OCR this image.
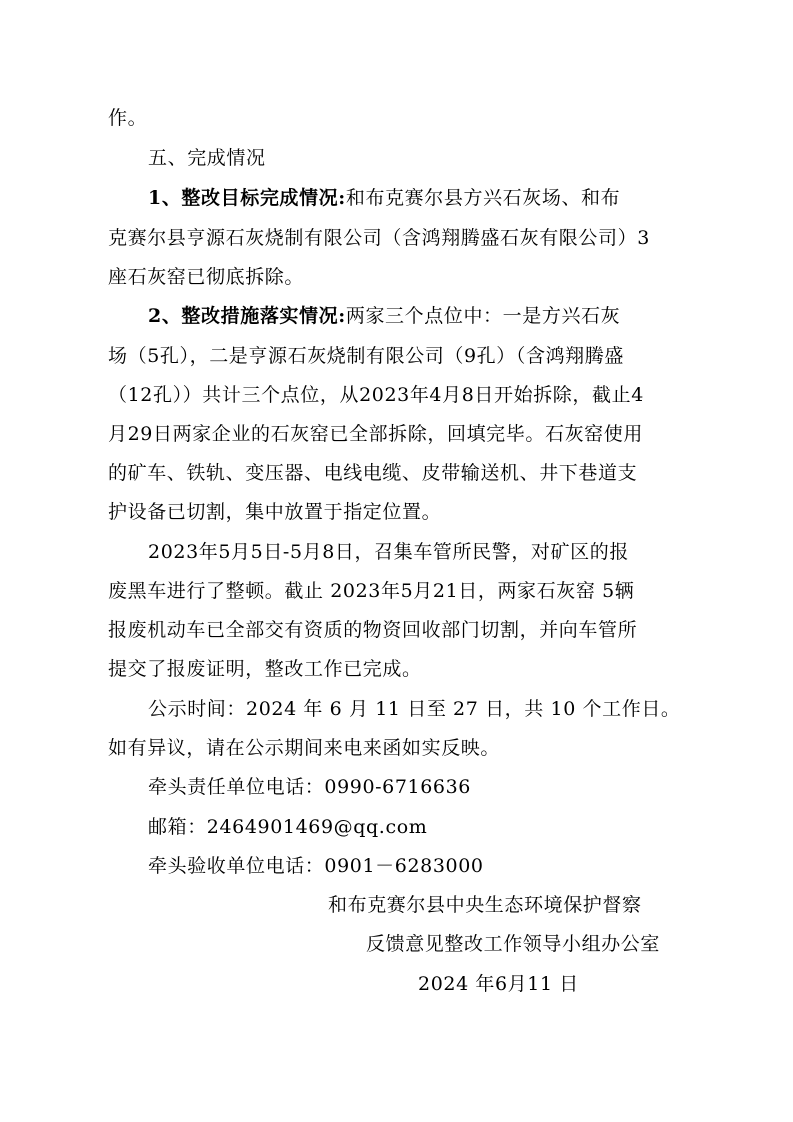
作。
五、完成情况
1、整改目标完成情况:和布克赛尔县方兴石灰场、和布
克赛尔县亨源石灰烧制有限公司（含鸿翔腾盛石灰有限公司）3
座石灰窑已彻底拆除。
2、整改措施落实情况:两家三个点位中：一是方兴石灰
场（5孔），二是亨源石灰烧制有限公司（9孔）（含鸿翔腾盛
（12孔））共计三个点位，从2023年4月8日开始拆除，截止4
月29日两家企业的石灰窑已全部拆除，回填完毕。石灰窑使用
的矿车、铁轨、变压器、电线电缆、皮带输送机、井下巷道支
护设备已切割，集中放置于指定位置。
2023年5月5日-5月8日，召集车管所民警，对矿区的报
废黑车进行了整顿。截止 2023年5月21日，两家石灰窑 5辆
报废机动车已全部交有资质的物资回收部门切割，并向车管所
提交了报废证明，整改工作已完成。
公示时间：2024 年 6 月 11 日至 27 日，共 10 个工作日。
如有异议，请在公示期间来电来函如实反映。
牵头责任单位电话：0990-6716636
邮箱：2464901469@qq.com
牵头验收单位电话：0901－6283000
和布克赛尔县中央生态环境保护督察
反馈意见整改工作领导小组办公室
2024 年6月11 日
